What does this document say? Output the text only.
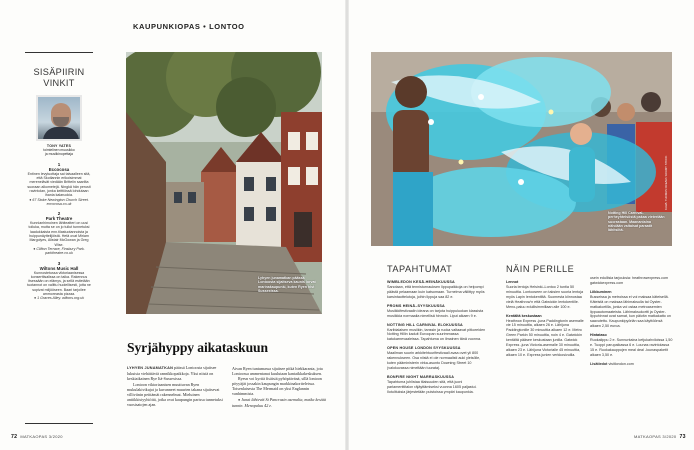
KAUPUNKIOPAS • LONTOO
SISÄPIIRIN
VINKIT
TONY YATES
toimielinen muusikko
ja musiikinopettaja
1
Eccocosa
Entinen levytuottaja sai taivaalleen sitä, että Skotlannin erikoisimmat merenelävät viedään Britteiin saarilta suoraan alkometejä. Ningkä hän perusti ravintolan, jonka keittiössä lohdutaan ihania kalaruokia.
● 67 Stoke Newington Church Street. eccocosa.co.uk
2
Park Theatre
Kunnianhimoinen lähiteatteri on uusi toiluka, mutta se on jo tullut tunnetuksi laadukkaista enn.tilastuotannoista ja huippunäyttelijöistä. Hetä ovat Miriam Margolyes, Alistair McGowan ja Greg Wise.
● Clifton Terrace, Finsbury Park. parktheatre.co.uk
3
Wiltons Music Hall
Kunnostetussa viktoriaanisessa konserttisalissa on taika. Rakennus itsessään on elämys, ja sellä esitetään tuotannot on valittu huolellisesti, jotta ne sopivat miljööseen. Baari tarjoilee ammoreasta pizzaa.
● 1 Graces Alley. wiltons.org.uk
Lyhyen junamatkan päässä Lontoosta sijaitseva kaunis lorvat marinakaupunki, kuten Ryen hist Sussexissa.
Notting Hill Carnival-perheyhteisöstä pakaa vieteriään suorastaan. Maanantaina nähdään valtaisat paraatit lähitsiltä.
KUVA: THOMAS DREAM / AOAMY STOCK
Syrjähyppy aikataskuun
LYHYEN JUNAMATKAN päässä Lontoosta sijaitsee lukuisia viehättäviä rannikkopaikkoja. Yksi niistä on keskiaikainen Rye Itä-Sussexissa.
Lontoon viktoriaanisen muuttuvan Ryen mukulakivikujat ja kuvanneet muurien takana sijaitsevat villiviinin peittämät rakennelmat. Mieluinen antiikkisiyyhiöitä, jotka ovat kaupungin parissa tunnetuksi vuosisatojen ajan.
Aivan Ryen tuntumassa sijaitsee pitkä hiekkaranta, jota Lontoossa ammentanat kuulutaan kantaikkakeskuksen.
Ryesn voi kyrtiä fisäisiä pyhöpäivänä, sillä lontoon pöyyäjät jossakin kaupungin markkinakortteleissa. Toisenlaisesta The Mermaid on yksi Englannin vanhimmista.
● Junat lähtevät St Pancrasin asemalta, matka kestää tunnin. Menopaluu 42 e.
TAPAHTUMAT
WIMBLEDON KESÄ-HEINÄKUUSSA
Sanotaan, että tennisturnauksen lippupaikkoja on helpompi päästä pelaamaan kuin katsomaan. Turnelma väliittyy myös karsintaottelutoja, joihin lippuja saa 82 e.
PROMS HEINÄ–SYYSKUUSSA
Musiikkifestivaalin ideana on tarjota huippuluokan klassista musiikkia normaalia nimellisä hinnoin. Liput alkaen 9 e.
NOTTING HILL CARNIVAL ELOKUUSSA
Karibialaisen musiikin, tanssin ja ruoka valtaavat pitkoreiden Notting Hillin kaduit Euroopan suurimmassa katukarnevaaleissa. Tapahtuma on ilmainen tänä vuonna.
OPEN HOUSE LONDON SYYSKUUSSA
Maailman suurin arkkitehtuurifestivaali avaa ovet yli 800 rakennukseen. Osa niistä ei ole normaalisti auki yleisölle, kuten pääministerin virka-asunto Downing Street 10 (valokuvassa nimeltään tuurata).
BONFIRE NIGHT MARRASKUUSSA
Tapahtuma juhlistaa tilaisuuden sitä, että juoni parlamenttitalon räjäyttämiseksi vuonna 1605 paljastui. Ilotulituksia järjestetään puistoissa ympäri kaupunkia.
NÄIN PERILLE
Lennot
Suoria lentoja Helsinki–Lontoo 2 tuntia 50 minuuttia. Lontooseen on taksien suoria lentoja myös Lapin lentokentiltä. Suomesta kiinnostaa vielä Heathrow'n että Gatwickin lentokentille. Meno-paluu edullisimmillaan alle 100 e.
Kentältä keskustaan
Heathrow Express -juna Paddingtonin asemalle vie 15 minuuttia, alkaen 26 e. Lähijuna Paddingtonille 30 minuuttia alkaen 12 e. Metro Green Parkin 50 minuuttia, noin 4 e. Gatwickin kentältä pääsee keskustaan junilla. Gatwick Express -juna Victoria-asemalle 30 minuuttia, alkaen 23 e. Lähijuna Victorialle 45 minuuttia, alkaen 10 e. Express junien verkkosivuilla.
usein edullisia tarjouksia: heathrowexpress.com gatwickexpress.com
Liikkuminen
Busseissa ja metroissa ei voi maksaa käteisellä. Käteistä on maksaa lähimaksulla tai Oyster-matkakortilla, jonka voi ostaa metroasemien lippuautomaateista. Lähimaksukortti ja Oyster-lippuhinnat ovat samat, kun päivän matkakatto on saavutettu. Kaupunkipyöriän saa käyttöönsä alkaen 2,50 euroa.
Hintataso
Ruokalippu 2 e. Sunnuntaina ketjukahviloissa 1,50 e. Tuoppi parupaikassa 6 e. Lounas ravintolassa 15 e. Ruokakauppojen meal deal -lounaspaketit alkaen 3,50 e.
Lisätiedot visitlondon.com
72 MATKAOPAS 3/2020	MATKAOPAS 3/2020 73
